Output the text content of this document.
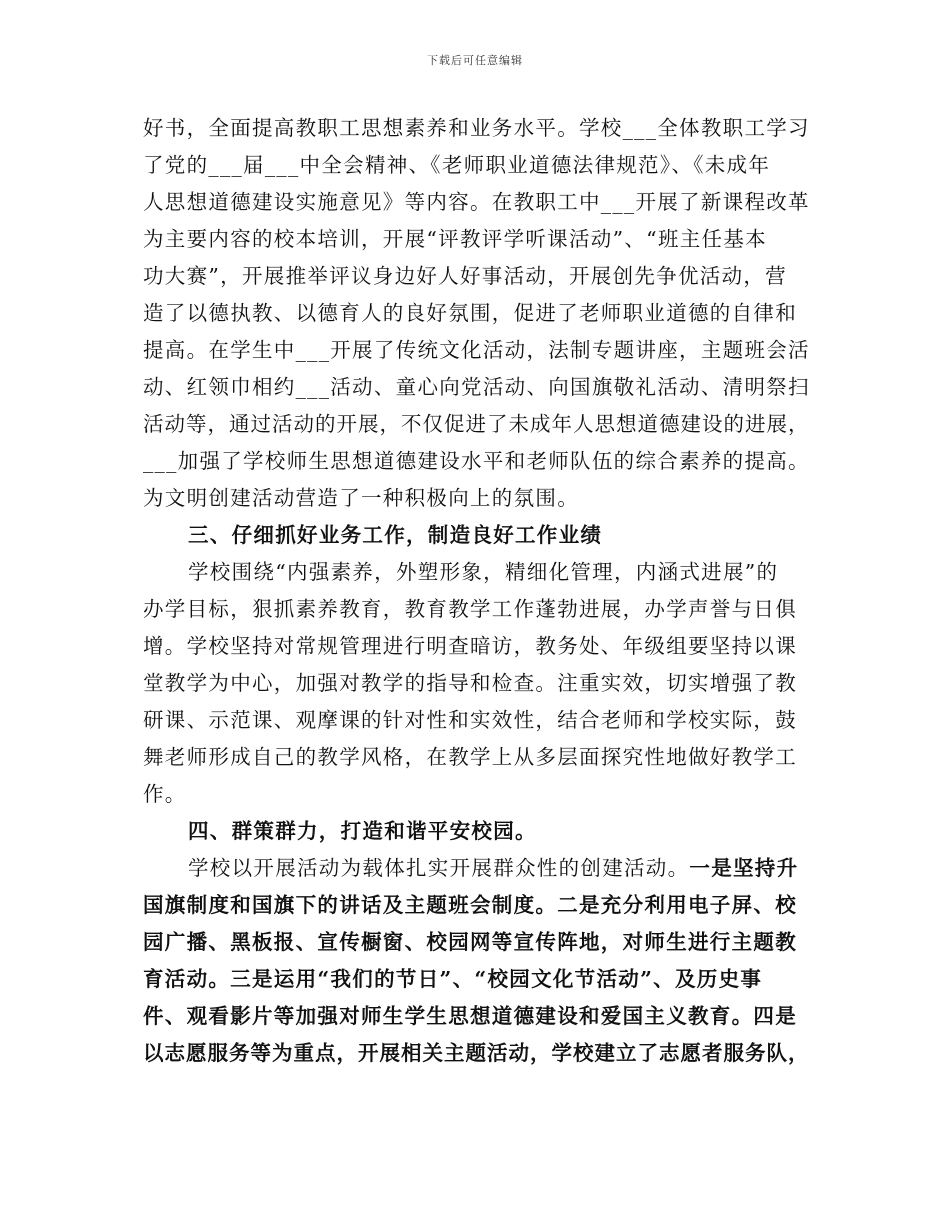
下载后可任意编辑
好书，全面提高教职工思想素养和业务水平。学校___全体教职工学习
了党的___届___中全会精神、《老师职业道德法律规范》、《未成年
人思想道德建设实施意见》等内容。在教职工中___开展了新课程改革
为主要内容的校本培训，开展“评教评学听课活动”、“班主任基本
功大赛”，开展推举评议身边好人好事活动，开展创先争优活动，营
造了以德执教、以德育人的良好氛围，促进了老师职业道德的自律和
提高。在学生中___开展了传统文化活动，法制专题讲座，主题班会活
动、红领巾相约___活动、童心向党活动、向国旗敬礼活动、清明祭扫
活动等，通过活动的开展，不仅促进了未成年人思想道德建设的进展，
___加强了学校师生思想道德建设水平和老师队伍的综合素养的提高。
为文明创建活动营造了一种积极向上的氛围。
三、仔细抓好业务工作，制造良好工作业绩
学校围绕“内强素养，外塑形象，精细化管理，内涵式进展”的
办学目标，狠抓素养教育，教育教学工作蓬勃进展，办学声誉与日俱
增。学校坚持对常规管理进行明查暗访，教务处、年级组要坚持以课
堂教学为中心，加强对教学的指导和检查。注重实效，切实增强了教
研课、示范课、观摩课的针对性和实效性，结合老师和学校实际，鼓
舞老师形成自己的教学风格，在教学上从多层面探究性地做好教学工
作。
四、群策群力，打造和谐平安校园。
学校以开展活动为载体扎实开展群众性的创建活动。一是坚持升
国旗制度和国旗下的讲话及主题班会制度。二是充分利用电子屏、校
园广播、黑板报、宣传橱窗、校园网等宣传阵地，对师生进行主题教
育活动。三是运用“我们的节日”、“校园文化节活动”、及历史事
件、观看影片等加强对师生学生思想道德建设和爱国主义教育。四是
以志愿服务等为重点，开展相关主题活动，学校建立了志愿者服务队，
